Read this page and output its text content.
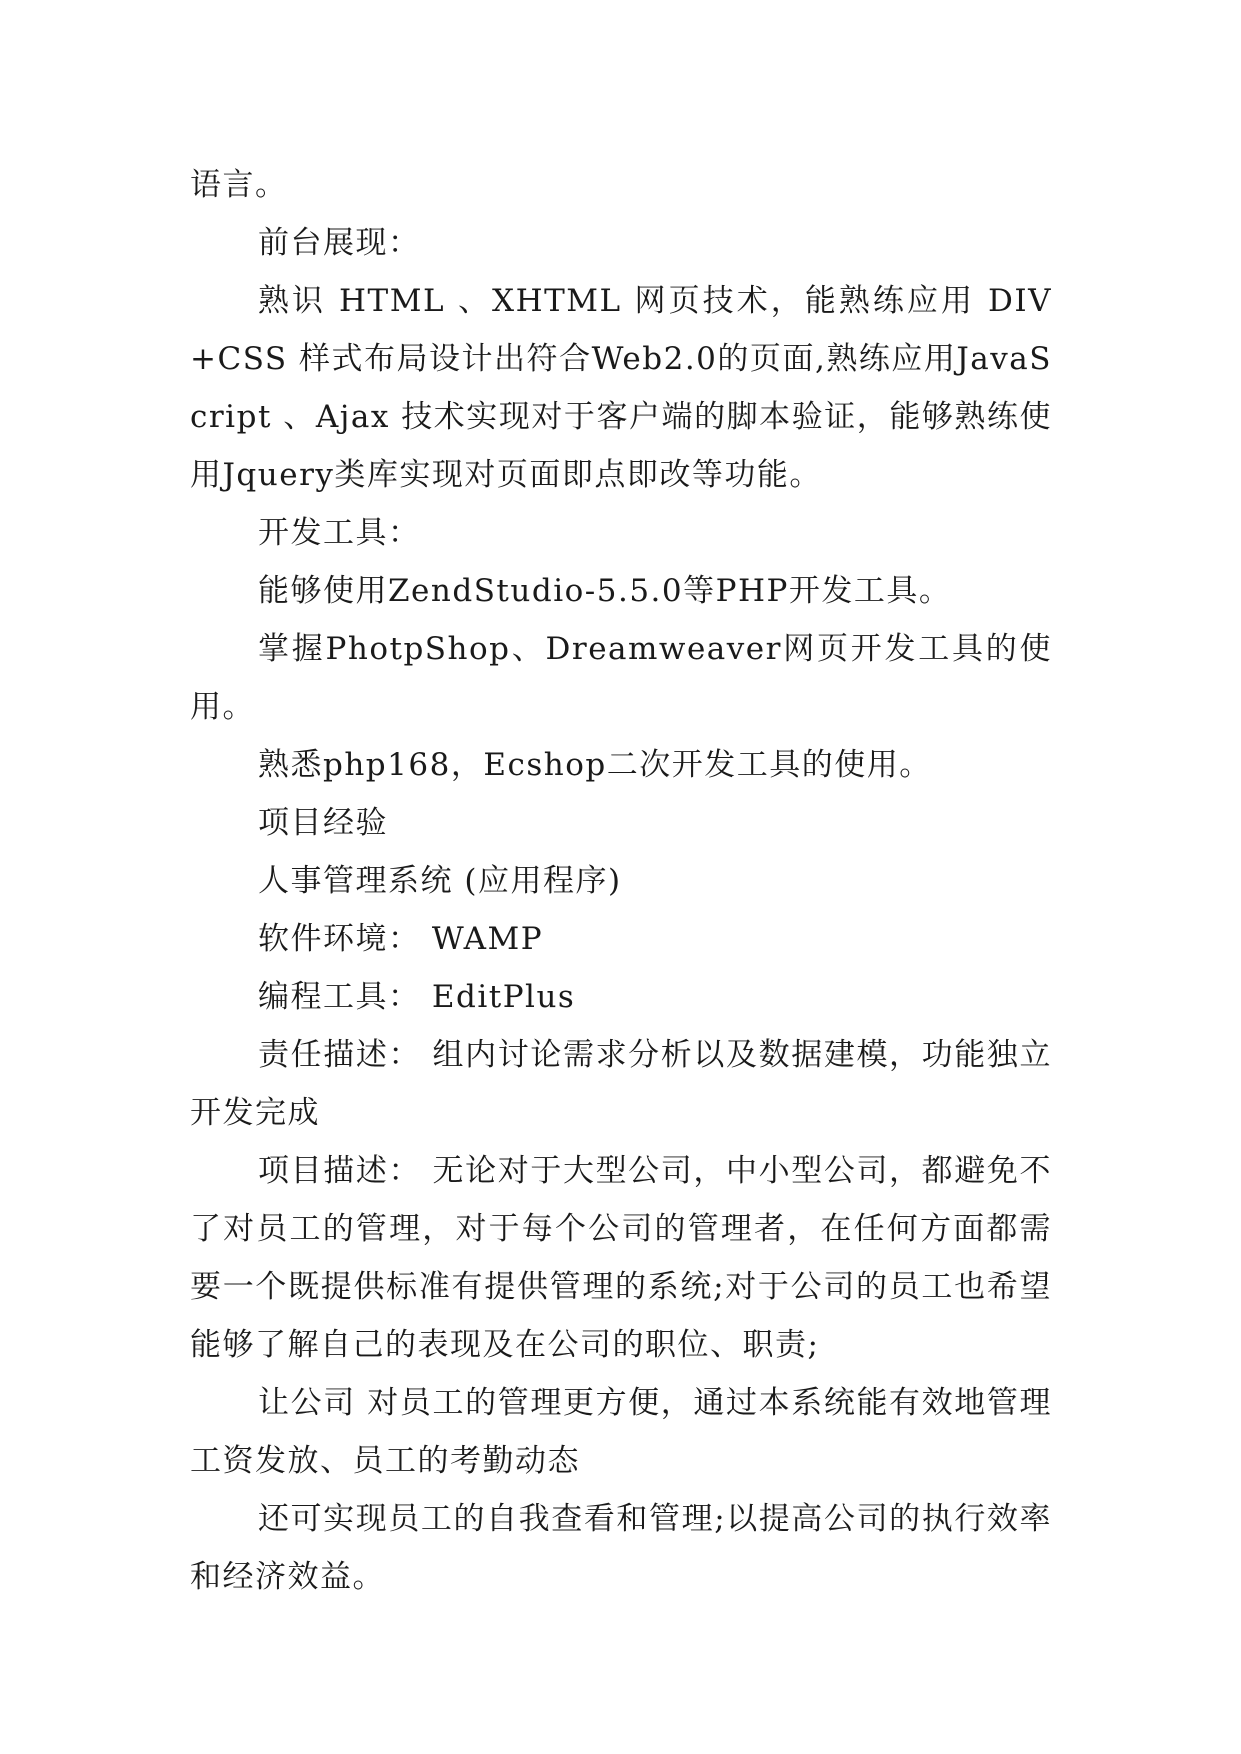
语言。

前台展现：

熟识 HTML 、XHTML 网页技术，能熟练应用 DIV+CSS 样式布局设计出符合Web2.0的页面,熟练应用JavaScript 、Ajax 技术实现对于客户端的脚本验证，能够熟练使用Jquery类库实现对页面即点即改等功能。

开发工具：

能够使用ZendStudio-5.5.0等PHP开发工具。

掌握PhotpShop、Dreamweaver网页开发工具的使用。

熟悉php168，Ecshop二次开发工具的使用。

项目经验

人事管理系统 (应用程序)

软件环境： WAMP

编程工具： EditPlus

责任描述： 组内讨论需求分析以及数据建模，功能独立开发完成

项目描述： 无论对于大型公司，中小型公司，都避免不了对员工的管理，对于每个公司的管理者，在任何方面都需要一个既提供标准有提供管理的系统;对于公司的员工也希望能够了解自己的表现及在公司的职位、职责;

让公司 对员工的管理更方便，通过本系统能有效地管理工资发放、员工的考勤动态

还可实现员工的自我查看和管理;以提高公司的执行效率和经济效益。
